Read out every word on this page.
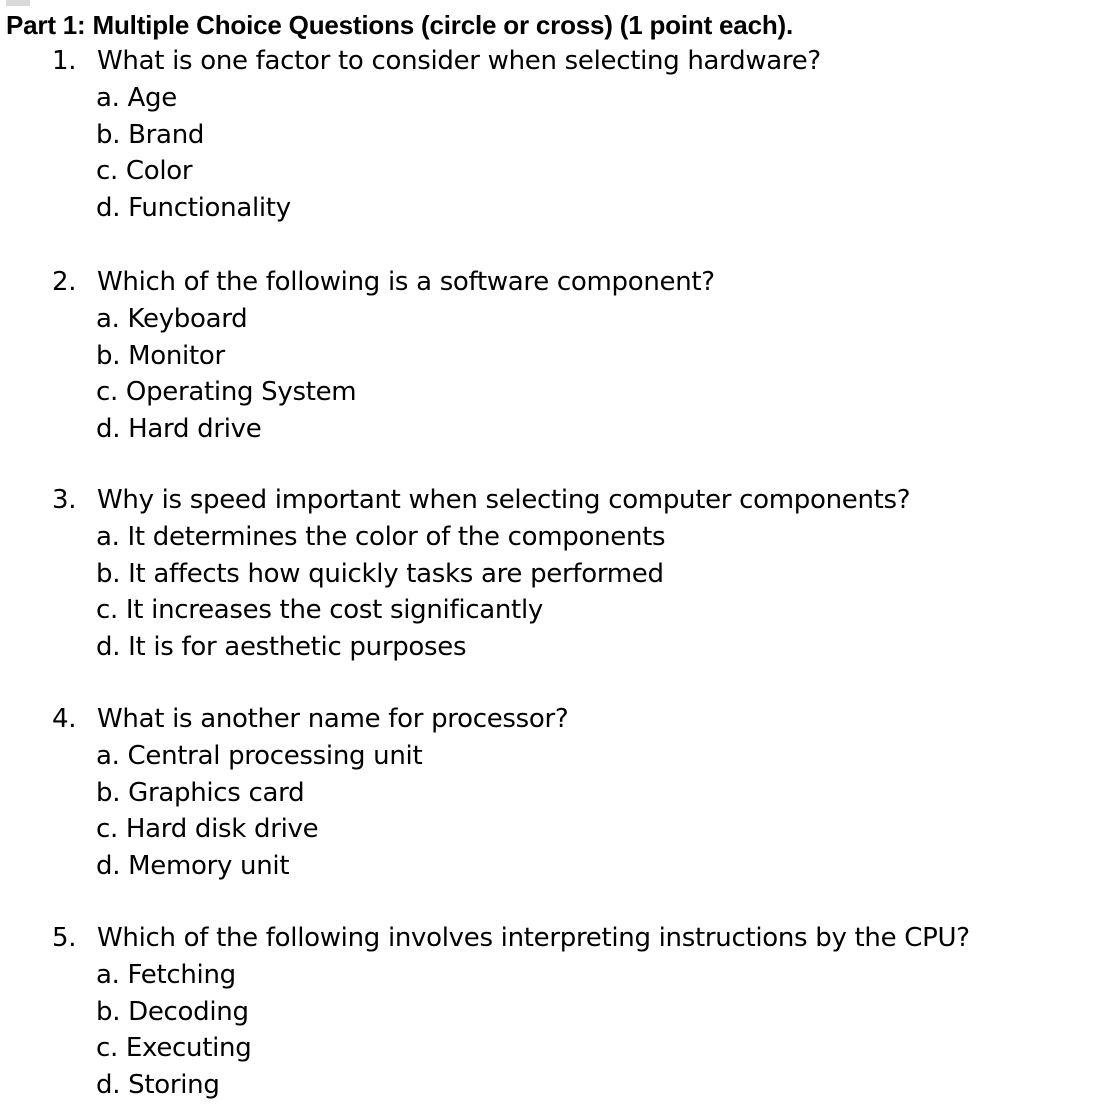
Part 1: Multiple Choice Questions (circle or cross) (1 point each).
1. What is one factor to consider when selecting hardware?
a. Age
b. Brand
c. Color
d. Functionality
2. Which of the following is a software component?
a. Keyboard
b. Monitor
c. Operating System
d. Hard drive
3. Why is speed important when selecting computer components?
a. It determines the color of the components
b. It affects how quickly tasks are performed
c. It increases the cost significantly
d. It is for aesthetic purposes
4. What is another name for processor?
a. Central processing unit
b. Graphics card
c. Hard disk drive
d. Memory unit
5. Which of the following involves interpreting instructions by the CPU?
a. Fetching
b. Decoding
c. Executing
d. Storing
